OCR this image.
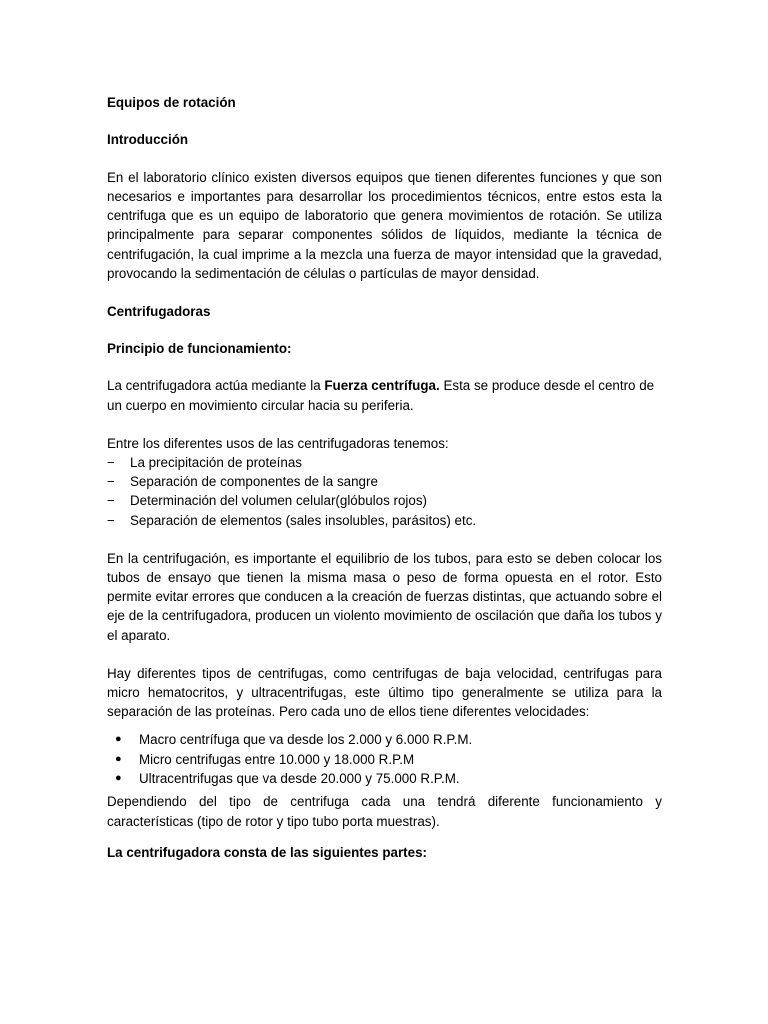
Equipos de rotación
Introducción

En el laboratorio clínico existen diversos equipos que tienen diferentes funciones y que son necesarios e importantes para desarrollar los procedimientos técnicos, entre estos esta la centrifuga que es un equipo de laboratorio que genera movimientos de rotación. Se utiliza principalmente para separar componentes sólidos de líquidos, mediante la técnica de centrifugación, la cual imprime a la mezcla una fuerza de mayor intensidad que la gravedad, provocando la sedimentación de células o partículas de mayor densidad.

Centrifugadoras
Principio de funcionamiento:

La centrifugadora actúa mediante la Fuerza centrífuga. Esta se produce desde el centro de un cuerpo en movimiento circular hacia su periferia.

Entre los diferentes usos de las centrifugadoras tenemos:

− La precipitación de proteínas
− Separación de componentes de la sangre
− Determinación del volumen celular(glóbulos rojos)
− Separación de elementos (sales insolubles, parásitos) etc.

En la centrifugación, es importante el equilibrio de los tubos, para esto se deben colocar los tubos de ensayo que tienen la misma masa o peso de forma opuesta en el rotor. Esto permite evitar errores que conducen a la creación de fuerzas distintas, que actuando sobre el eje de la centrifugadora, producen un violento movimiento de oscilación que daña los tubos y el aparato.

Hay diferentes tipos de centrifugas, como centrifugas de baja velocidad, centrifugas para micro hematocritos, y ultracentrifugas, este último tipo generalmente se utiliza para la separación de las proteínas. Pero cada uno de ellos tiene diferentes velocidades:

● Macro centrífuga que va desde los 2.000 y 6.000 R.P.M.
● Micro centrifugas entre 10.000 y 18.000 R.P.M
● Ultracentrifugas que va desde 20.000 y 75.000 R.P.M.

Dependiendo del tipo de centrifuga cada una tendrá diferente funcionamiento y características (tipo de rotor y tipo tubo porta muestras).

La centrifugadora consta de las siguientes partes:
